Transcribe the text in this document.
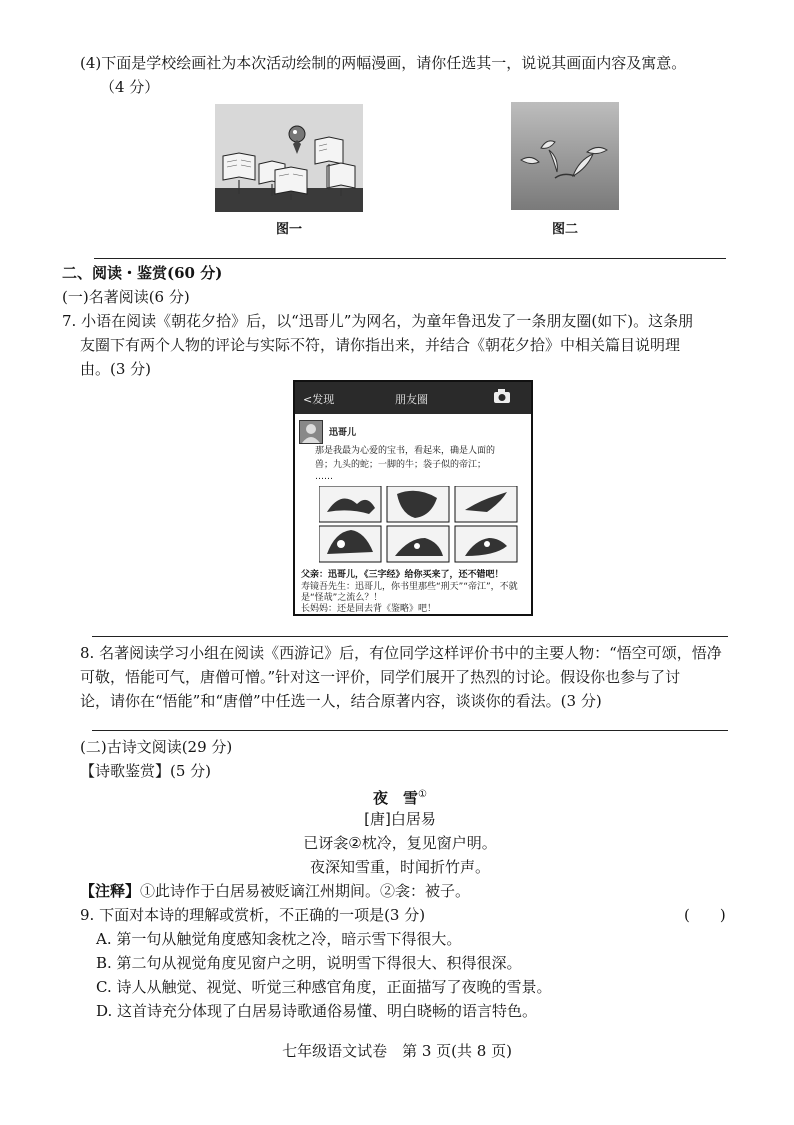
(4)下面是学校绘画社为本次活动绘制的两幅漫画，请你任选其一，说说其画面内容及寓意。
（4 分）
图一	图二
二、阅读・鉴赏(60 分)
(一)名著阅读(6 分)
7. 小语在阅读《朝花夕拾》后，以“迅哥儿”为网名，为童年鲁迅发了一条朋友圈(如下)。这条朋
友圈下有两个人物的评论与实际不符，请你指出来，并结合《朝花夕拾》中相关篇目说明理
由。(3 分)
<发现	朋友圈
迅哥儿
那是我最为心爱的宝书，看起来，确是人面的
兽；九头的蛇；一脚的牛；袋子似的帝江；
……
父亲：迅哥儿，《三字经》给你买来了，还不错吧！
寿镜吾先生：迅哥儿，你书里那些“刑天”“帝江”，不就
是“怪哉”之流么？！
长妈妈：还是回去背《鉴略》吧！
8. 名著阅读学习小组在阅读《西游记》后，有位同学这样评价书中的主要人物：“悟空可颂，悟净
可敬，悟能可气，唐僧可憎。”针对这一评价，同学们展开了热烈的讨论。假设你也参与了讨
论，请你在“悟能”和“唐僧”中任选一人，结合原著内容，谈谈你的看法。(3 分)
(二)古诗文阅读(29 分)
【诗歌鉴赏】(5 分)
夜　雪①
[唐]白居易
已讶衾②枕冷，复见窗户明。
夜深知雪重，时闻折竹声。
【注释】①此诗作于白居易被贬谪江州期间。②衾：被子。
9. 下面对本诗的理解或赏析，不正确的一项是(3 分)	(　　)
A. 第一句从触觉角度感知衾枕之冷，暗示雪下得很大。
B. 第二句从视觉角度见窗户之明，说明雪下得很大、积得很深。
C. 诗人从触觉、视觉、听觉三种感官角度，正面描写了夜晚的雪景。
D. 这首诗充分体现了白居易诗歌通俗易懂、明白晓畅的语言特色。
七年级语文试卷　第 3 页(共 8 页)
